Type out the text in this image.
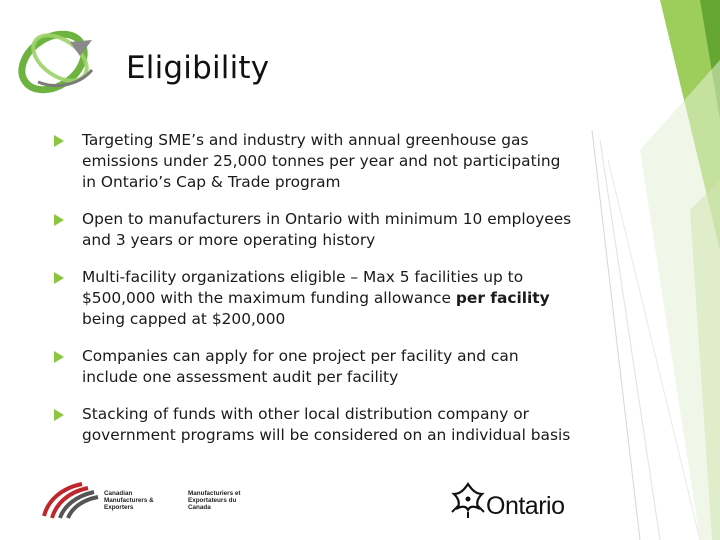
Eligibility
Targeting SME’s and industry with annual greenhouse gas emissions under 25,000 tonnes per year and not participating in Ontario’s Cap & Trade program
Open to manufacturers in Ontario with minimum 10 employees and 3 years or more operating history
Multi-facility organizations eligible – Max 5 facilities up to $500,000 with the maximum funding allowance per facility being capped at $200,000
Companies can apply for one project per facility and can include one assessment audit per facility
Stacking of funds with other local distribution company or government programs will be considered on an individual basis
Canadian
Manufacturers &
Exporters
Manufacturiers et
Exportateurs du
Canada	Ontario
